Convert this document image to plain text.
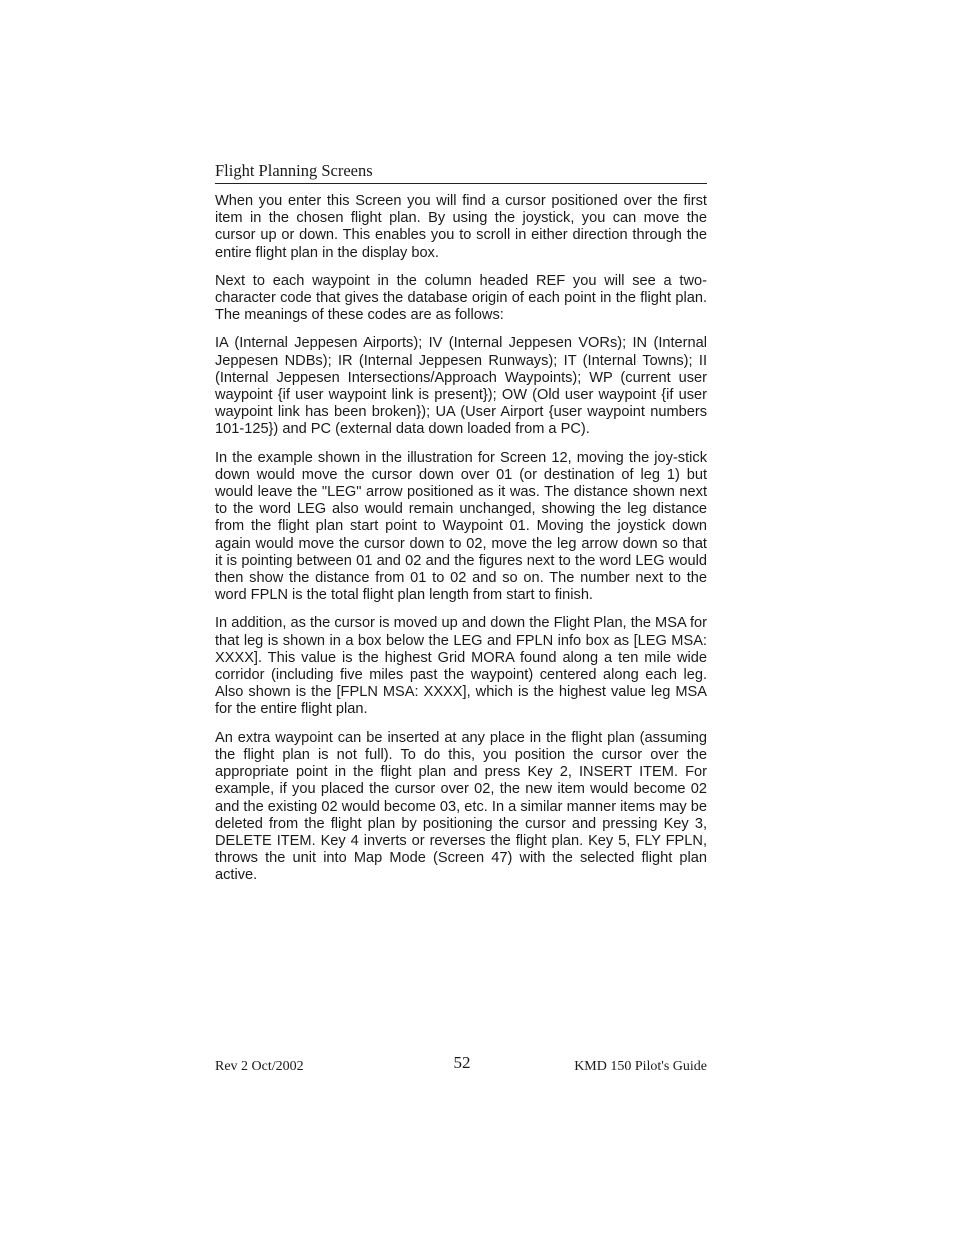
Flight Planning Screens

When you enter this Screen you will find a cursor positioned over the first item in the chosen flight plan. By using the joystick, you can move the cursor up or down. This enables you to scroll in either direction through the entire flight plan in the display box.

Next to each waypoint in the column headed REF you will see a two-character code that gives the database origin of each point in the flight plan. The meanings of these codes are as follows:

IA (Internal Jeppesen Airports); IV (Internal Jeppesen VORs); IN (Internal Jeppesen NDBs); IR (Internal Jeppesen Runways); IT (Internal Towns); II (Internal Jeppesen Intersections/Approach Waypoints); WP (current user waypoint {if user waypoint link is present}); OW (Old user waypoint {if user waypoint link has been broken}); UA (User Airport {user waypoint numbers 101-125}) and PC (external data down loaded from a PC).

In the example shown in the illustration for Screen 12, moving the joy-stick down would move the cursor down over 01 (or destination of leg 1) but would leave the "LEG" arrow positioned as it was. The distance shown next to the word LEG also would remain unchanged, showing the leg distance from the flight plan start point to Waypoint 01. Moving the joystick down again would move the cursor down to 02, move the leg arrow down so that it is pointing between 01 and 02 and the figures next to the word LEG would then show the distance from 01 to 02 and so on. The number next to the word FPLN is the total flight plan length from start to finish.

In addition, as the cursor is moved up and down the Flight Plan, the MSA for that leg is shown in a box below the LEG and FPLN info box as [LEG MSA: XXXX]. This value is the highest Grid MORA found along a ten mile wide corridor (including five miles past the waypoint) centered along each leg. Also shown is the [FPLN MSA: XXXX], which is the highest value leg MSA for the entire flight plan.

An extra waypoint can be inserted at any place in the flight plan (assuming the flight plan is not full). To do this, you position the cursor over the appropriate point in the flight plan and press Key 2, INSERT ITEM. For example, if you placed the cursor over 02, the new item would become 02 and the existing 02 would become 03, etc. In a similar manner items may be deleted from the flight plan by positioning the cursor and pressing Key 3, DELETE ITEM. Key 4 inverts or reverses the flight plan. Key 5, FLY FPLN, throws the unit into Map Mode (Screen 47) with the selected flight plan active.

Rev 2 Oct/2002	52	KMD 150 Pilot's Guide
